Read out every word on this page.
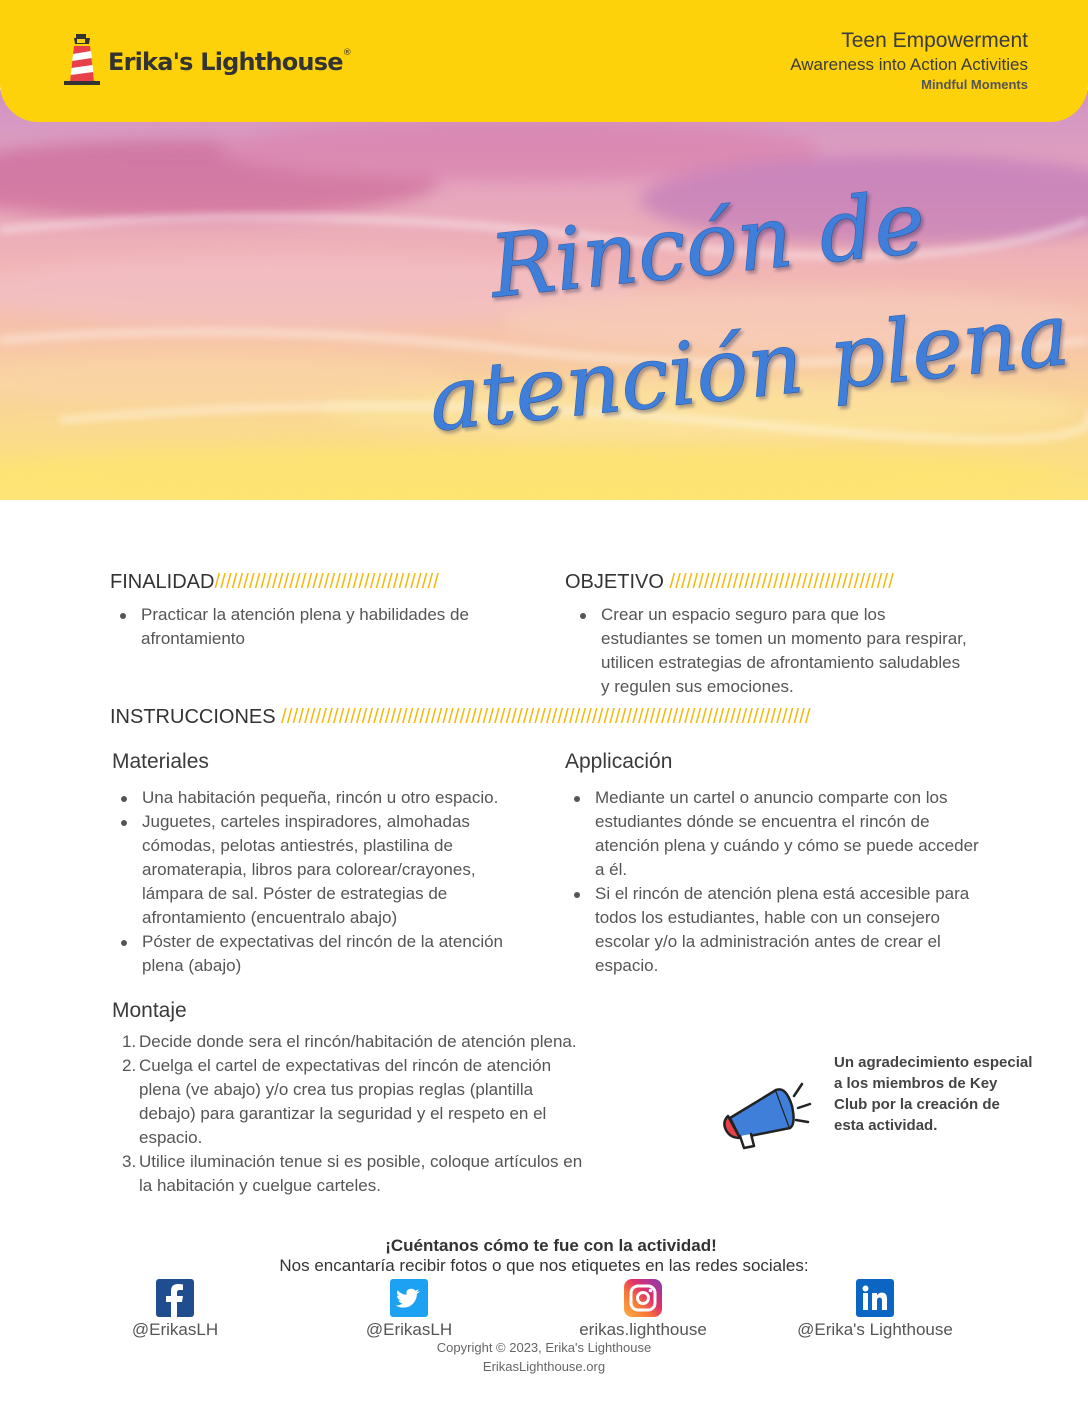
Rincón de
atención plena
Erika's Lighthouse®
Teen Empowerment
Awareness into Action Activities
Mindful Moments
FINALIDAD///////////////////////////////////////
Practicar la atención plena y habilidades de afrontamiento
OBJETIVO ///////////////////////////////////////
Crear un espacio seguro para que los estudiantes se tomen un momento para respirar, utilicen estrategias de afrontamiento saludables y regulen sus emociones.
INSTRUCCIONES ////////////////////////////////////////////////////////////////////////////////////////////
Materiales
Una habitación pequeña, rincón u otro espacio.
Juguetes, carteles inspiradores, almohadas cómodas, pelotas antiestrés, plastilina de aromaterapia, libros para colorear/crayones, lámpara de sal. Póster de estrategias de afrontamiento (encuentralo abajo)
Póster de expectativas del rincón de la atención plena (abajo)
Applicación
Mediante un cartel o anuncio comparte con los estudiantes dónde se encuentra el rincón de atención plena y cuándo y cómo se puede acceder a él.
Si el rincón de atención plena está accesible para todos los estudiantes, hable con un consejero escolar y/o la administración antes de crear el espacio.
Montaje
1. Decide donde sera el rincón/habitación de atención plena.
2. Cuelga el cartel de expectativas del rincón de atención plena (ve abajo) y/o crea tus propias reglas (plantilla debajo) para garantizar la seguridad y el respeto en el espacio.
3. Utilice iluminación tenue si es posible, coloque artículos en la habitación y cuelgue carteles.
Un agradecimiento especial a los miembros de Key Club por la creación de esta actividad.
¡Cuéntanos cómo te fue con la actividad!
Nos encantaría recibir fotos o que nos etiquetes en las redes sociales:
@ErikasLH	@ErikasLH	erikas.lighthouse	@Erika's Lighthouse
Copyright © 2023, Erika's Lighthouse
ErikasLighthouse.org
